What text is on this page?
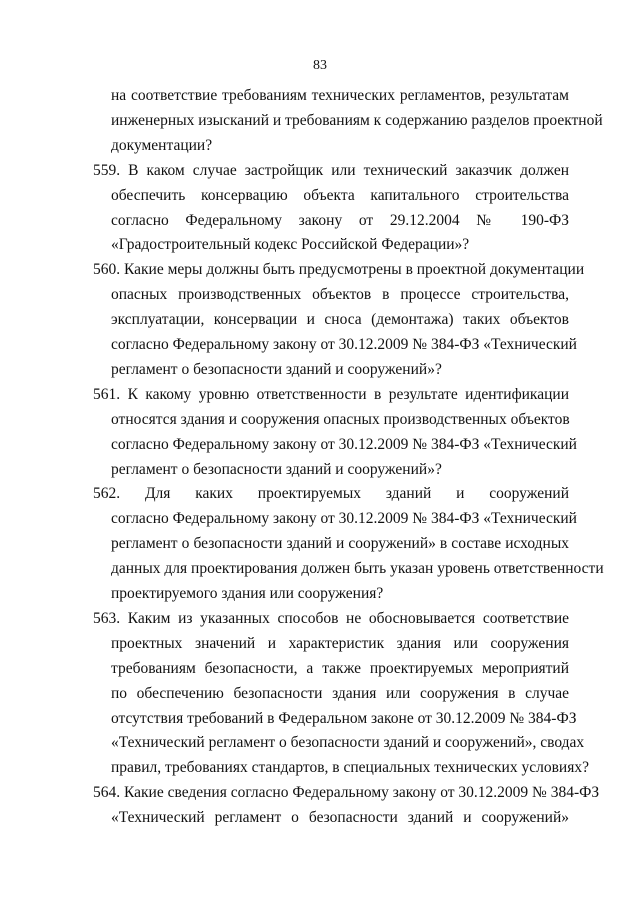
83
на соответствие требованиям технических регламентов, результатам
инженерных изысканий и требованиям к содержанию разделов проектной
документации?
559. В каком случае застройщик или технический заказчик должен
обеспечить консервацию объекта капитального строительства
согласно Федеральному закону от 29.12.2004 № 190-ФЗ
«Градостроительный кодекс Российской Федерации»?
560. Какие меры должны быть предусмотрены в проектной документации
опасных производственных объектов в процессе строительства,
эксплуатации, консервации и сноса (демонтажа) таких объектов
согласно Федеральному закону от 30.12.2009 № 384-ФЗ «Технический
регламент о безопасности зданий и сооружений»?
561. К какому уровню ответственности в результате идентификации
относятся здания и сооружения опасных производственных объектов
согласно Федеральному закону от 30.12.2009 № 384-ФЗ «Технический
регламент о безопасности зданий и сооружений»?
562. Для каких проектируемых зданий и сооружений
согласно Федеральному закону от 30.12.2009 № 384-ФЗ «Технический
регламент о безопасности зданий и сооружений» в составе исходных
данных для проектирования должен быть указан уровень ответственности
проектируемого здания или сооружения?
563. Каким из указанных способов не обосновывается соответствие
проектных значений и характеристик здания или сооружения
требованиям безопасности, а также проектируемых мероприятий
по обеспечению безопасности здания или сооружения в случае
отсутствия требований в Федеральном законе от 30.12.2009 № 384-ФЗ
«Технический регламент о безопасности зданий и сооружений», сводах
правил, требованиях стандартов, в специальных технических условиях?
564. Какие сведения согласно Федеральному закону от 30.12.2009 № 384-ФЗ
«Технический регламент о безопасности зданий и сооружений»
